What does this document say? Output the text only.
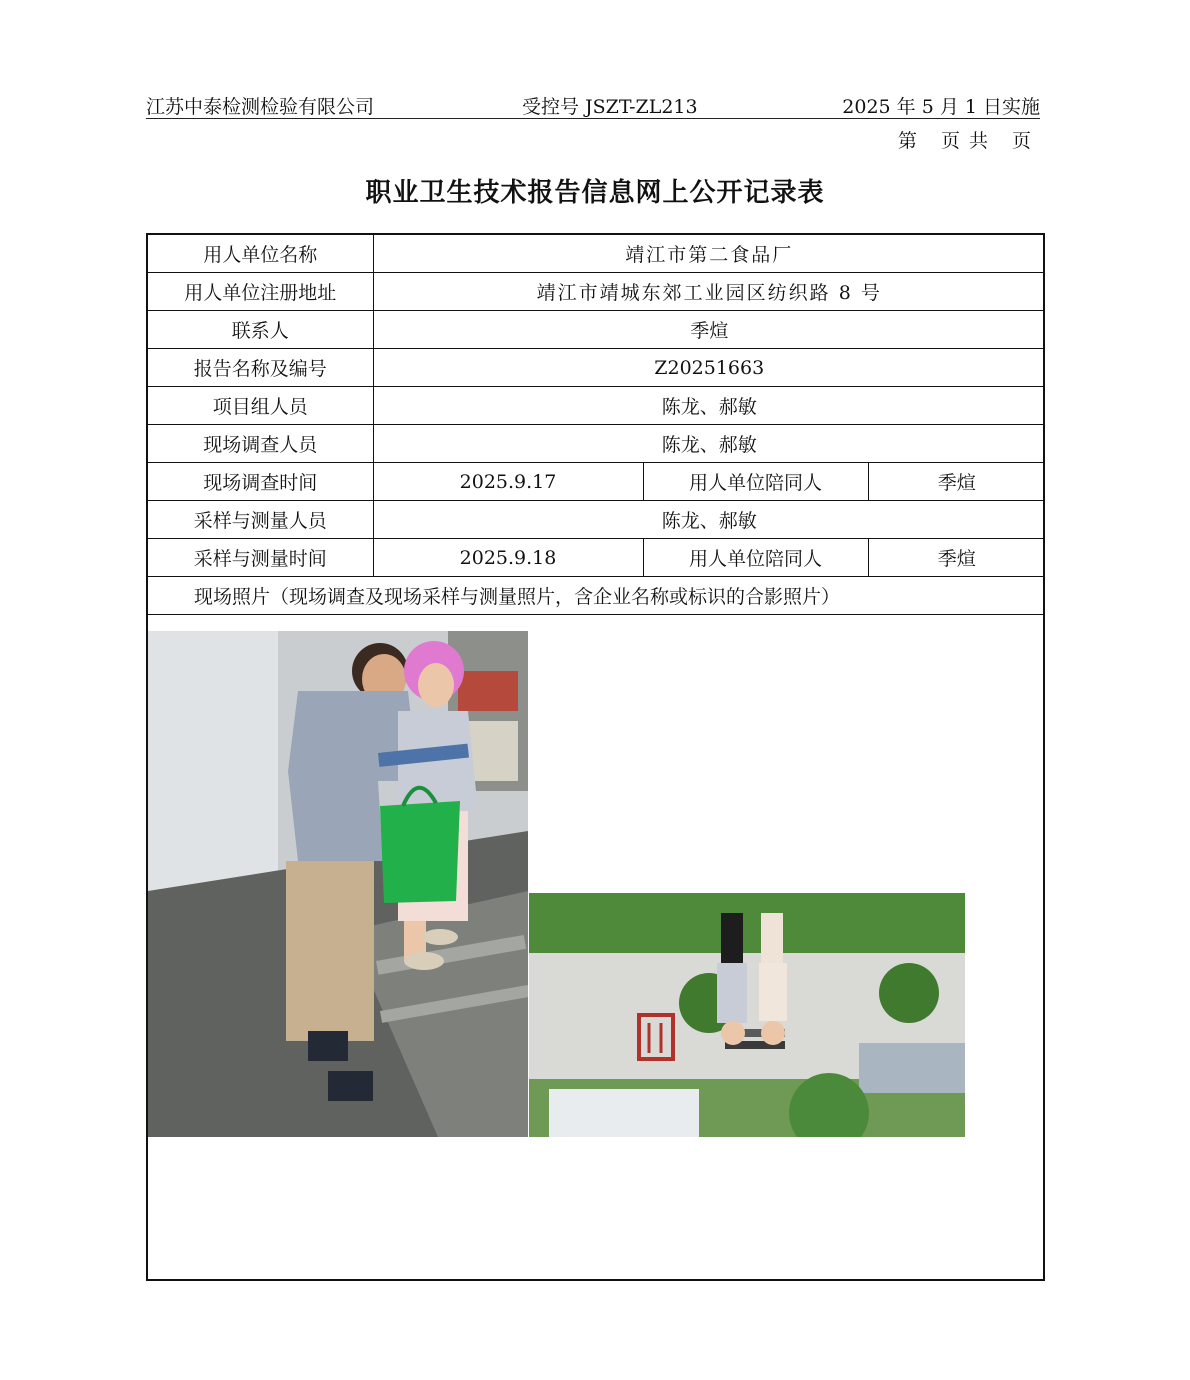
江苏中泰检测检验有限公司	受控号 JSZT-ZL213	2025 年 5 月 1 日实施
第 页共 页
职业卫生技术报告信息网上公开记录表
用人单位名称	靖江市第二食品厂		
用人单位注册地址	靖江市靖城东郊工业园区纺织路 8 号		
联系人	季煊		
报告名称及编号	Z20251663		
项目组人员	陈龙、郝敏		
现场调查人员	陈龙、郝敏		
现场调查时间	2025.9.17	用人单位陪同人	季煊
采样与测量人员	陈龙、郝敏		
采样与测量时间	2025.9.18	用人单位陪同人	季煊
现场照片（现场调查及现场采样与测量照片，含企业名称或标识的合影照片）			
